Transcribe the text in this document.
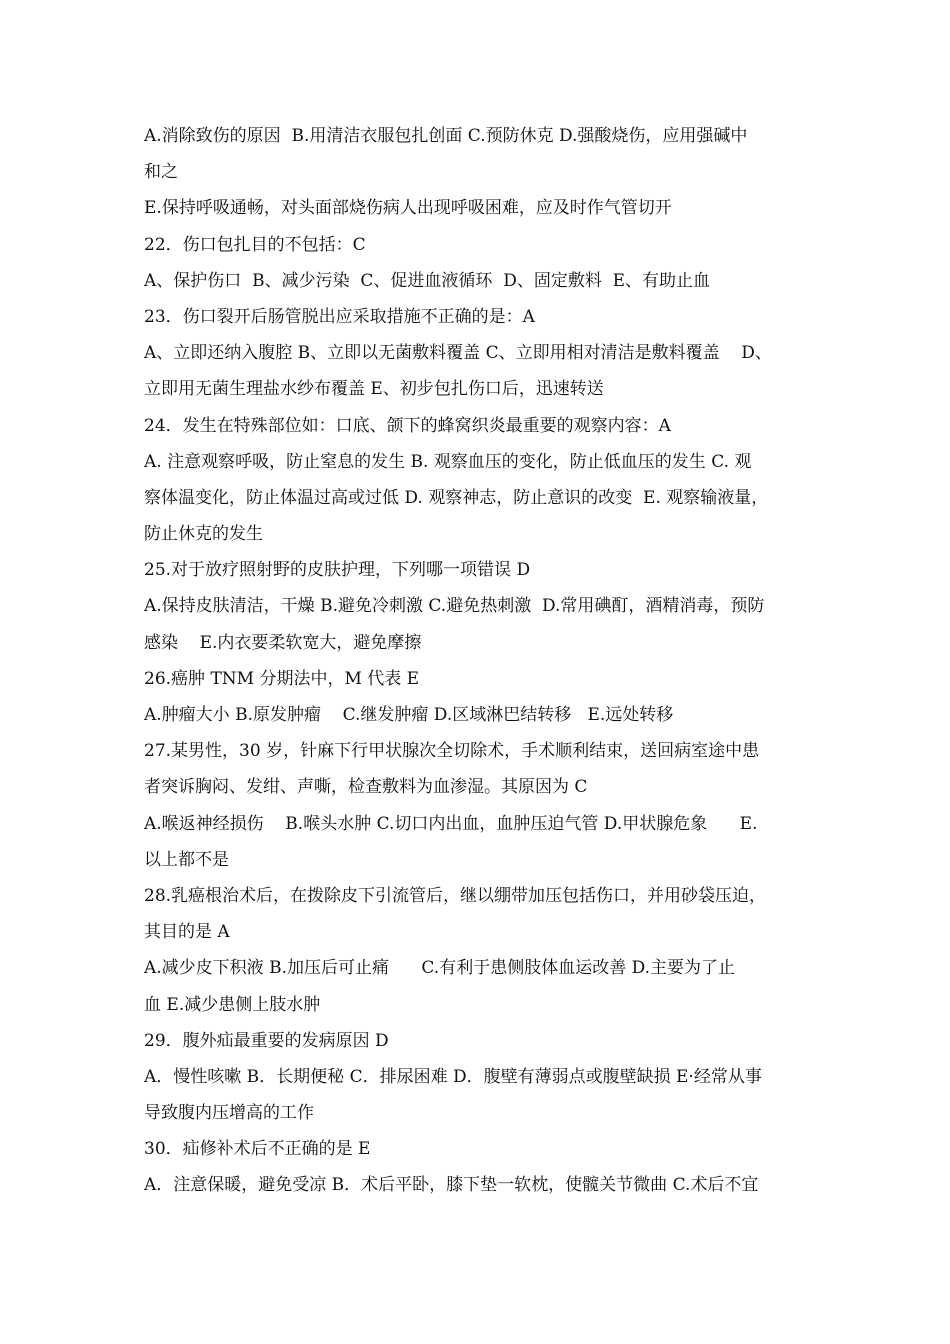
A.消除致伤的原因  B.用清洁衣服包扎创面 C.预防休克 D.强酸烧伤，应用强碱中
和之
E.保持呼吸通畅，对头面部烧伤病人出现呼吸困难，应及时作气管切开
22．伤口包扎目的不包括：C
A、保护伤口  B、减少污染  C、促进血液循环  D、固定敷料  E、有助止血
23．伤口裂开后肠管脱出应采取措施不正确的是：A
A、立即还纳入腹腔 B、立即以无菌敷料覆盖 C、立即用相对清洁是敷料覆盖    D、
立即用无菌生理盐水纱布覆盖 E、初步包扎伤口后，迅速转送
24．发生在特殊部位如：口底、颌下的蜂窝织炎最重要的观察内容：A
A. 注意观察呼吸，防止窒息的发生 B. 观察血压的变化，防止低血压的发生 C. 观
察体温变化，防止体温过高或过低 D. 观察神志，防止意识的改变  E. 观察输液量，
防止休克的发生
25.对于放疗照射野的皮肤护理，下列哪一项错误 D
A.保持皮肤清洁，干燥 B.避免冷刺激 C.避免热刺激  D.常用碘酊，酒精消毒，预防
感染    E.内衣要柔软宽大，避免摩擦
26.癌肿 TNM 分期法中，M 代表 E
A.肿瘤大小 B.原发肿瘤    C.继发肿瘤 D.区域淋巴结转移   E.远处转移
27.某男性，30 岁，针麻下行甲状腺次全切除术，手术顺利结束，送回病室途中患
者突诉胸闷、发绀、声嘶，检查敷料为血渗湿。其原因为 C
A.喉返神经损伤    B.喉头水肿 C.切口内出血，血肿压迫气管 D.甲状腺危象      E.
以上都不是
28.乳癌根治术后，在拨除皮下引流管后，继以绷带加压包括伤口，并用砂袋压迫，
其目的是 A
A.减少皮下积液 B.加压后可止痛      C.有利于患侧肢体血运改善 D.主要为了止
血 E.减少患侧上肢水肿
29．腹外疝最重要的发病原因 D
A．慢性咳嗽 B．长期便秘 C．排尿困难 D．腹壁有薄弱点或腹壁缺损 E·经常从事
导致腹内压增高的工作
30．疝修补术后不正确的是 E
A．注意保暖，避免受凉 B．术后平卧，膝下垫一软枕，使髋关节微曲 C.术后不宜
